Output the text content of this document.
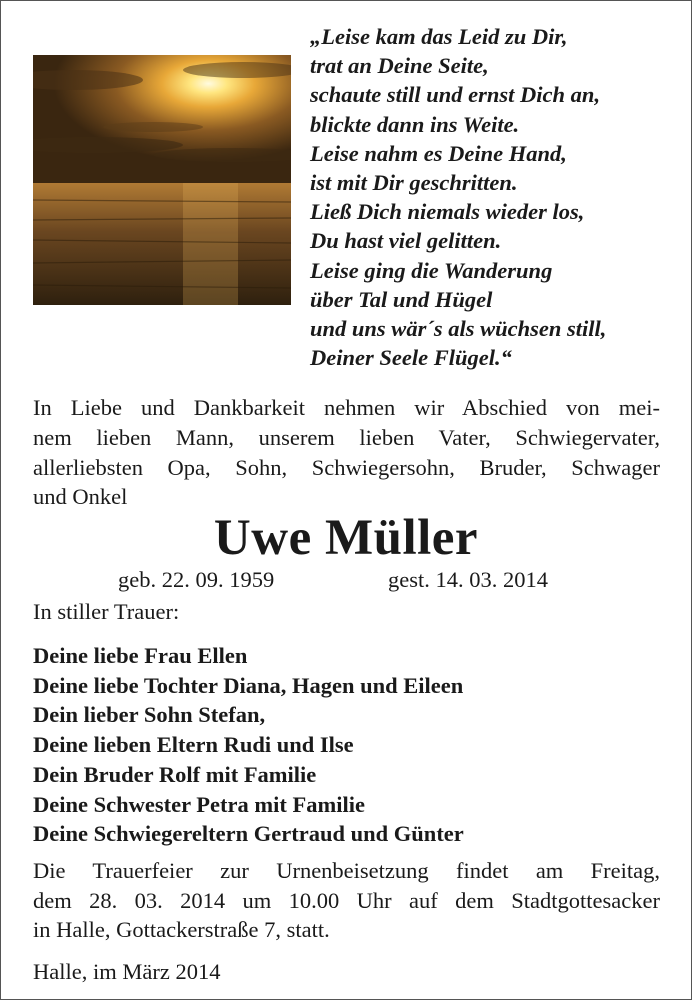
„Leise kam das Leid zu Dir,
trat an Deine Seite,
schaute still und ernst Dich an,
blickte dann ins Weite.
Leise nahm es Deine Hand,
ist mit Dir geschritten.
Ließ Dich niemals wieder los,
Du hast viel gelitten.
Leise ging die Wanderung
über Tal und Hügel
und uns wär´s als wüchsen still,
Deiner Seele Flügel.“
In Liebe und Dankbarkeit nehmen wir Abschied von mei-
nem lieben Mann, unserem lieben Vater, Schwiegervater,
allerliebsten Opa, Sohn, Schwiegersohn, Bruder, Schwager
und Onkel
Uwe Müller
geb. 22. 09. 1959	gest. 14. 03. 2014
In stiller Trauer:
Deine liebe Frau Ellen
Deine liebe Tochter Diana, Hagen und Eileen
Dein lieber Sohn Stefan,
Deine lieben Eltern Rudi und Ilse
Dein Bruder Rolf mit Familie
Deine Schwester Petra mit Familie
Deine Schwiegereltern Gertraud und Günter
Die Trauerfeier zur Urnenbeisetzung findet am Freitag,
dem 28. 03. 2014 um 10.00 Uhr auf dem Stadtgottesacker
in Halle, Gottackerstraße 7, statt.
Halle, im März 2014
